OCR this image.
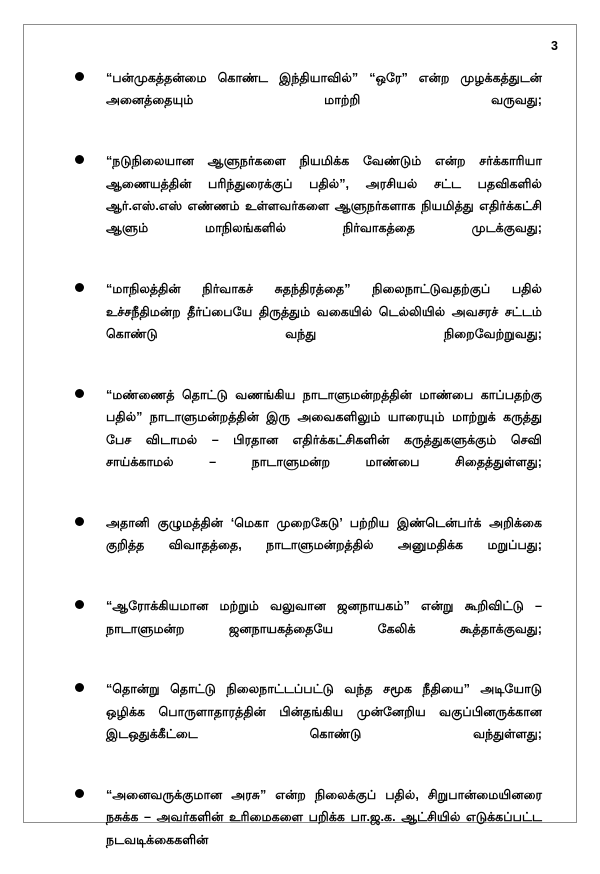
3
“பன்முகத்தன்மை கொண்ட இந்தியாவில்” “ஒரே” என்ற முழக்கத்துடன் அனைத்தையும் மாற்றி வருவது;
“நடுநிலையான ஆளுநர்களை நியமிக்க வேண்டும் என்ற சர்க்காரியா ஆணையத்தின் பரிந்துரைக்குப் பதில்”, அரசியல் சட்ட பதவிகளில் ஆர்.எஸ்.எஸ் எண்ணம் உள்ளவர்களை ஆளுநர்களாக நியமித்து எதிர்க்கட்சி ஆளும் மாநிலங்களில் நிர்வாகத்தை முடக்குவது;
“மாநிலத்தின் நிர்வாகச் சுதந்திரத்தை” நிலைநாட்டுவதற்குப் பதில் உச்சநீதிமன்ற தீர்ப்பையே திருத்தும் வகையில் டெல்லியில் அவசரச் சட்டம் கொண்டு வந்து நிறைவேற்றுவது;
“மண்ணைத் தொட்டு வணங்கிய நாடாளுமன்றத்தின் மாண்பை காப்பதற்கு பதில்” நாடாளுமன்றத்தின் இரு அவைகளிலும் யாரையும் மாற்றுக் கருத்து பேச விடாமல் – பிரதான எதிர்க்கட்சிகளின் கருத்துகளுக்கும் செவி சாய்க்காமல் – நாடாளுமன்ற மாண்பை சிதைத்துள்ளது;
அதானி குழுமத்தின் ‘மெகா முறைகேடு’ பற்றிய இண்டென்பர்க் அறிக்கை குறித்த விவாதத்தை, நாடாளுமன்றத்தில் அனுமதிக்க மறுப்பது;
“ஆரோக்கியமான மற்றும் வலுவான ஜனநாயகம்” என்று கூறிவிட்டு – நாடாளுமன்ற ஜனநாயகத்தையே கேலிக் கூத்தாக்குவது;
“தொன்று தொட்டு நிலைநாட்டப்பட்டு வந்த சமூக நீதியை” அடியோடு ஒழிக்க பொருளாதாரத்தின் பின்தங்கிய முன்னேறிய வகுப்பினருக்கான இடஒதுக்கீட்டை கொண்டு வந்துள்ளது;
“அனைவருக்குமான அரசு” என்ற நிலைக்குப் பதில், சிறுபான்மையினரை நசுக்க – அவர்களின் உரிமைகளை பறிக்க பா.ஜ.க. ஆட்சியில் எடுக்கப்பட்ட நடவடிக்கைகளின்
